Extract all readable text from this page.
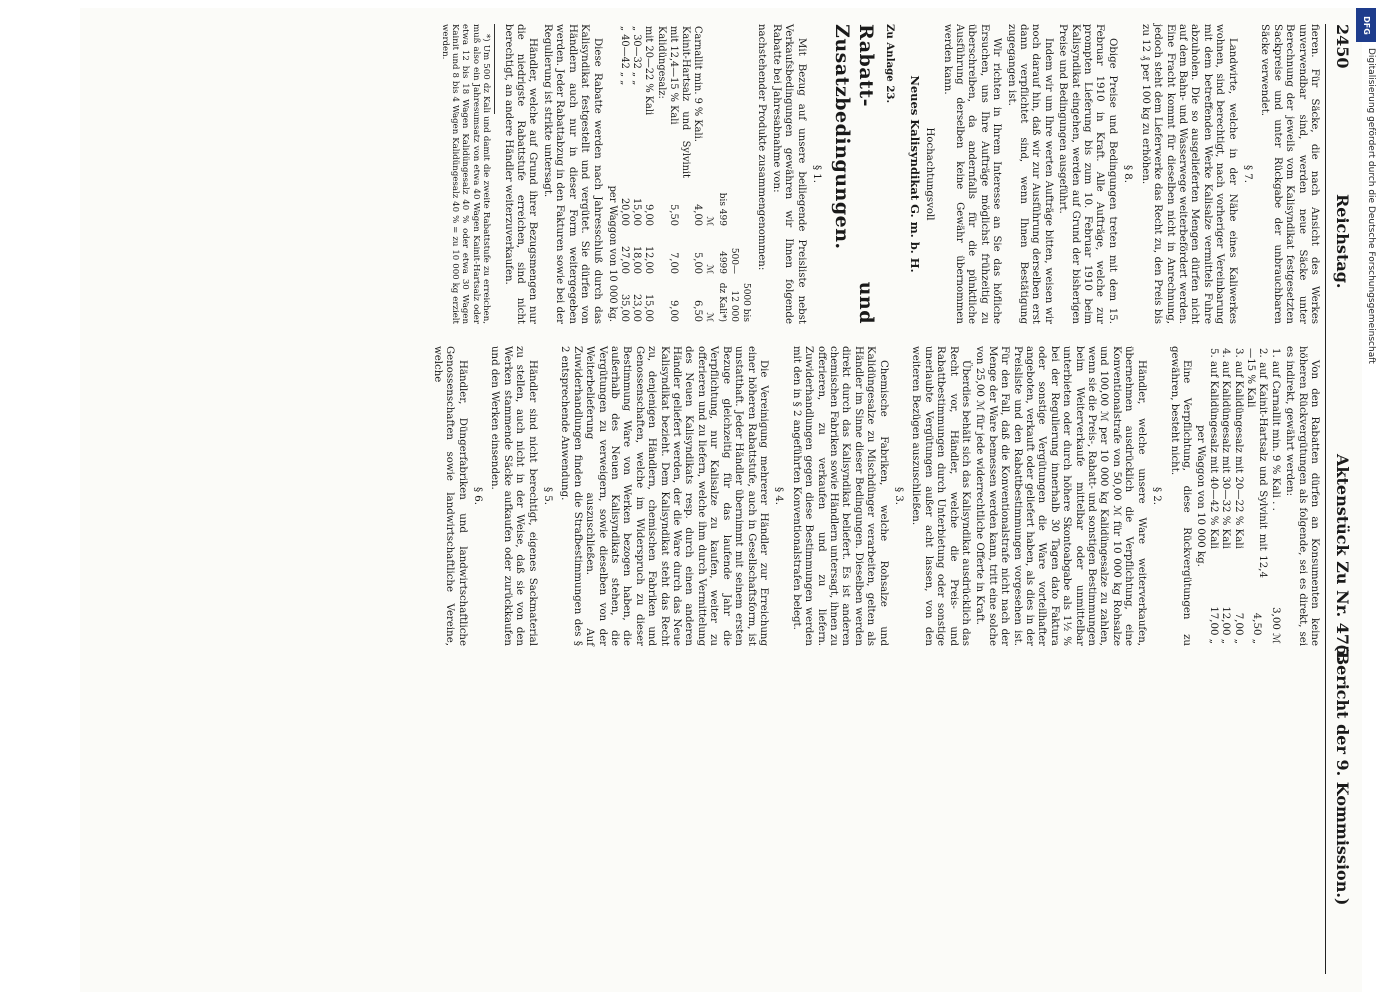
2450
Reichstag.
Aktenstück Zu Nr. 475.
(Bericht der 9. Kommission.)

fieren. Für Säcke, die nach Ansicht des Werkes unverwendbar sind, werden neue Säcke unter Berechnung der jeweils vom Kalisyndikat festgesetzten Sackpreise und unter Rückgabe der unbrauchbaren Säcke verwendet.

§ 7.

Landwirte, welche in der Nähe eines Kaliwerkes wohnen, sind berechtigt, nach vorheriger Vereinbarung mit dem betreffenden Werke Kalisalze vermittels Fuhre abzuholen. Die so ausgelieferten Mengen dürfen nicht auf dem Bahn- und Wasserwege weiterbefördert werden. Eine Fracht kommt für dieselben nicht in Anrechnung, jedoch steht dem Lieferwerke das Recht zu, den Preis bis zu 12 ₰ per 100 kg zu erhöhen.

§ 8.

Obige Preise und Bedingungen treten mit dem 15. Februar 1910 in Kraft. Alle Aufträge, welche zur prompten Lieferung bis zum 10. Februar 1910 beim Kalisyndikat eingehen, werden auf Grund der bisherigen Preise und Bedingungen ausgeführt.

Indem wir um Ihre werten Aufträge bitten, weisen wir noch darauf hin, daß wir zur Ausführung derselben erst dann verpflichtet sind, wenn Ihnen Bestätigung zugegangen ist.

Wir richten in Ihrem Interesse an Sie das höfliche Ersuchen, uns Ihre Aufträge möglichst frühzeitig zu überschreiben, da andernfalls für die pünktliche Ausführung derselben keine Gewähr übernommen werden kann.

Hochachtungsvoll

Neues Kalisyndikat G. m. b. H.

Zu Anlage 23.

Rabatt- und Zusatzbedingungen.

§ 1.

Mit Bezug auf unsere beiliegende Preisliste nebst Verkaufsbedingungen gewähren wir Ihnen folgende Rabatte bei Jahresabnahme von:

nachstehender Produkte zusammengenommen:

	bis 499	500—4999	5000 bis 12 000 dz Kali*)
	ℳ	ℳ	ℳ
Carnallit min. 9 % Kali.	4,00	5,00	6,50
Kainit-Hartsalz und Sylvinit mit 12,4—15 % Kali	5,50	7,00	9,00
Kalidüngesalz:			
mit 20—22 % Kali	9,00	12,00	15,00
„ 30—32 „ „	15,00	18,00	23,00
„ 40—42 „ „	20,00	27,00	35,00
	per Waggon von 10 000 kg.		

Diese Rabatte werden nach Jahresschluß durch das Kalisyndikat festgestellt und vergütet. Sie dürfen von Händlern auch nur in dieser Form weitergegeben werden. Jeder Rabattabzug in den Fakturen sowie bei der Regulierung ist strikte untersagt.

Händler, welche auf Grund ihrer Bezugsmengen nur die niedrigste Rabattstufe erreichen, sind nicht berechtigt, an andere Händler weiterzuverkaufen.

*) Um 500 dz Kali und damit die zweite Rabattstufe zu erreichen, muß also ein Jahresumsatz von etwa 40 Wagen Kainit-Hartsalz oder etwa 12 bis 18 Wagen Kalidüngesalz 40 % oder etwa 30 Wagen Kainit und 8 bis 4 Wagen Kalidüngesalz 40 % = zu 10 000 kg erzielt werden.

Von den Rabatten dürfen an Konsumenten keine höheren Rückvergütungen als folgende, sei es direkt, sei es indirekt, gewährt werden:

1. auf Carnallit min. 9 % Kali . .	3,00 ℳ
2. auf Kainit-Hartsalz und Sylvinit mit 12,4—15 % Kali	4,50 „
3. auf Kalidüngesalz mit 20—22 % Kali	7,00 „
4. auf Kalidüngesalz mit 30—32 % Kali	12,00 „
5. auf Kalidüngesalz mit 40—42 % Kali	17,00 „

per Waggon von 10 000 kg.

Eine Verpflichtung, diese Rückvergütungen zu gewähren, besteht nicht.

§ 2.

Händler, welche unsere Ware weiterverkaufen, übernehmen ausdrücklich die Verpflichtung, eine Konventionalstrafe von 50,00 ℳ für 10 000 kg Rohsalze und 100,00 ℳ per 10 000 kg Kalidüngesalze zu zahlen, wenn sie die Preis-, Rabatt- und sonstigen Bestimmungen beim Weiterverkaufe mittelbar oder unmittelbar unterbieten oder durch höhere Skontoabgabe als 1½ % bei der Regulierung innerhalb 30 Tagen dato Faktura oder sonstige Vergütungen die Ware vorteilhafter angeboten, verkauft oder geliefert haben, als dies in der Preisliste und den Rabattbestimmungen vorgesehen ist. Für den Fall, daß die Konventionalstrafe nicht nach der Menge der Ware bemessen werden kann, tritt eine solche von 25,00 ℳ für jede widerrechtliche Offerte in Kraft.

Überdies behält sich das Kalisyndikat ausdrücklich das Recht vor, Händler, welche die Preis- und Rabattbestimmungen durch Unterbietung oder sonstige unerlaubte Vergütungen außer acht lassen, von den weiteren Bezügen auszuschließen.

§ 3.

Chemische Fabriken, welche Rohsalze und Kalidüngesalze zu Mischdünger verarbeiten, gelten als Händler im Sinne dieser Bedingungen. Dieselben werden direkt durch das Kalisyndikat beliefert. Es ist anderen chemischen Fabriken sowie Händlern untersagt, ihnen zu offerieren, zu verkaufen und zu liefern. Zuwiderhandlungen gegen diese Bestimmungen werden mit den in § 2 angeführten Konventionalstrafen belegt.

§ 4.

Die Vereinigung mehrerer Händler zur Erreichung einer höheren Rabattstufe, auch in Gesellschaftsform, ist unstatthaft. Jeder Händler übernimmt mit seinem ersten Bezuge gleichzeitig für das laufende Jahr die Verpflichtung, nur Kalisalze zu kaufen, weiter zu offerieren und zu liefern, welche ihm durch Vermittelung des Neuen Kalisyndikats resp. durch einen anderen Händler geliefert werden, der die Ware durch das Neue Kalisyndikat bezieht. Dem Kalisyndikat steht das Recht zu, denjenigen Händlern, chemischen Fabriken und Genossenschaften, welche im Widerspruch zu dieser Bestimmung Ware von Werken bezogen haben, die außerhalb des Neuen Kalisyndikats stehen, die Vergütungen zu verweigern, sowie dieselben von der Weiterbelieferung auszuschließen. Auf Zuwiderhandlungen finden die Strafbestimmungen des § 2 entsprechende Anwendung.

§ 5.

Händler sind nicht berechtigt, eigenes Sackmaterial zu stellen, auch nicht in der Weise, daß sie von den Werken stammende Säcke aufkaufen oder zurückkaufen und den Werken einsenden.

§ 6.

Händler, Düngerfabriken und landwirtschaftliche Genossenschaften sowie landwirtschaftliche Vereine, welche

DFG
Digitalisierung gefördert durch die Deutsche Forschungsgemeinschaft
